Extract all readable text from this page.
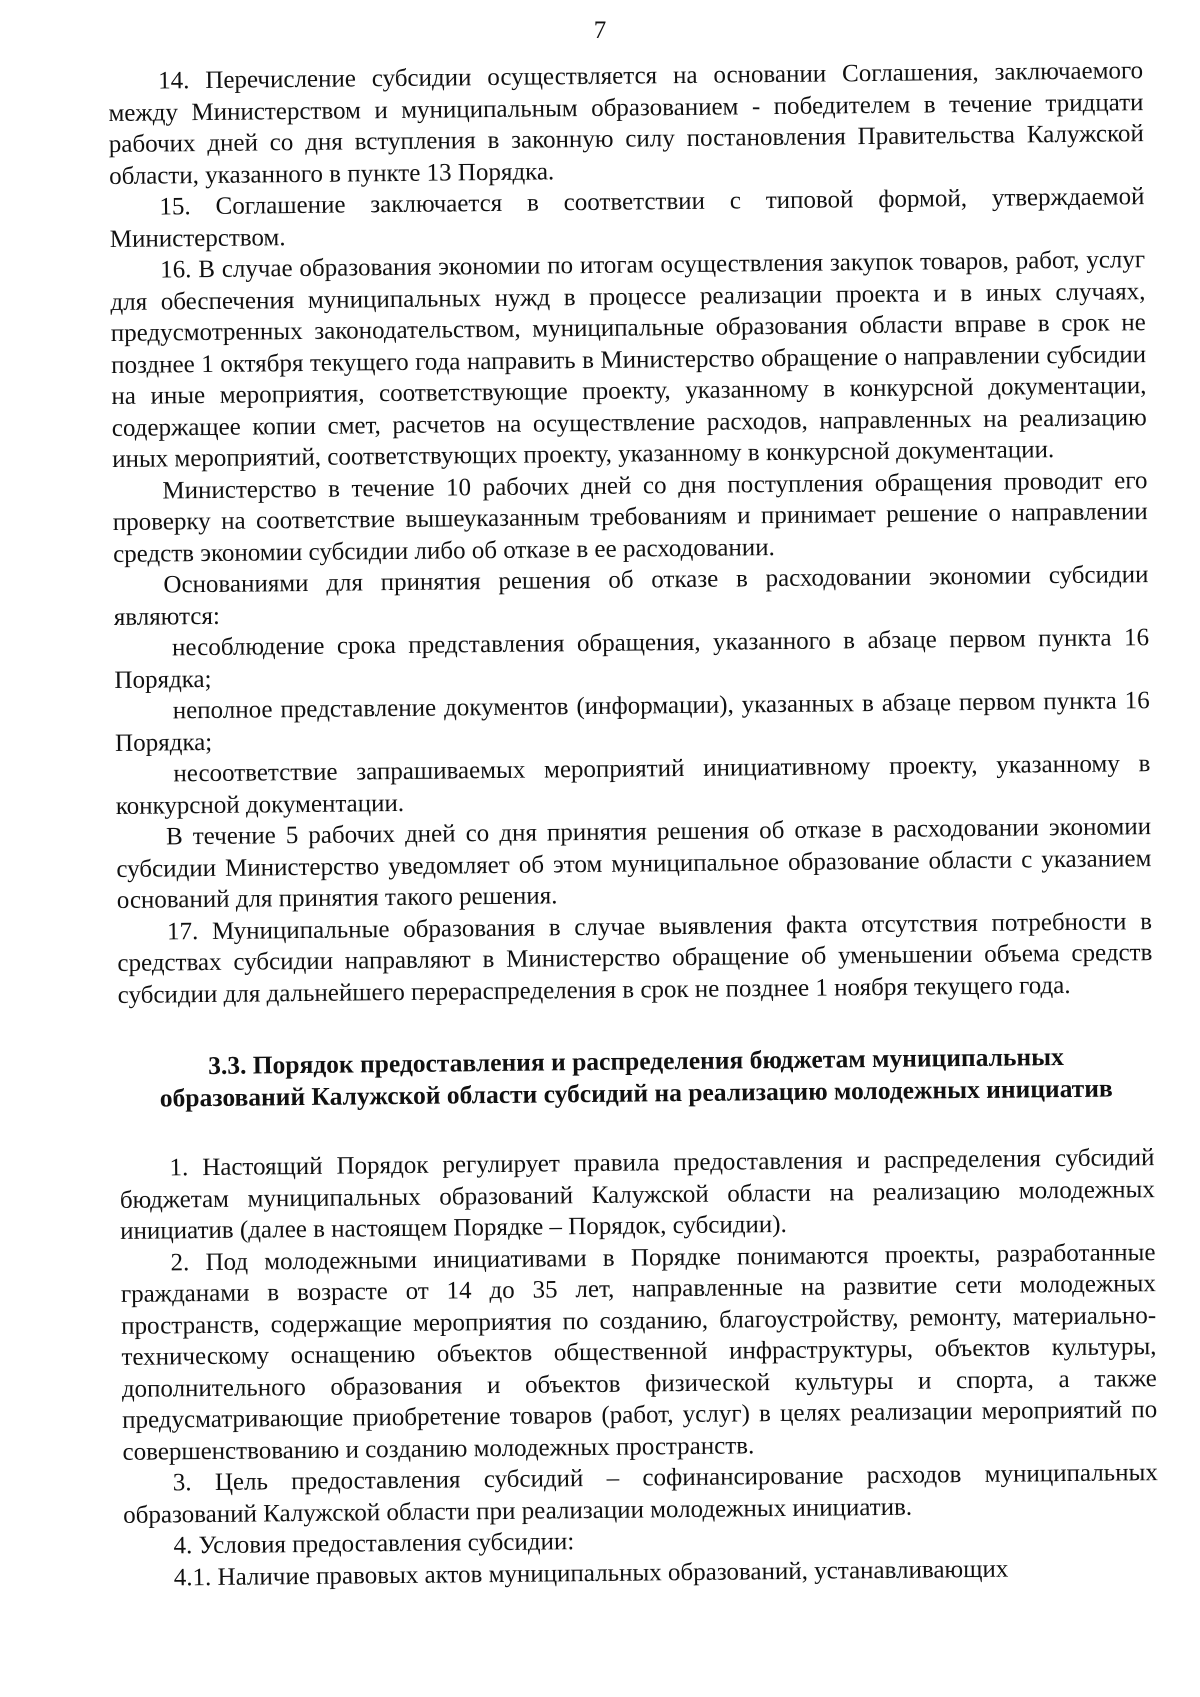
7

14. Перечисление субсидии осуществляется на основании Соглашения, заключаемого между Министерством и муниципальным образованием - победителем в течение тридцати рабочих дней со дня вступления в законную силу постановления Правительства Калужской области, указанного в пункте 13 Порядка.

15. Соглашение заключается в соответствии с типовой формой, утверждаемой Министерством.

16. В случае образования экономии по итогам осуществления закупок товаров, работ, услуг для обеспечения муниципальных нужд в процессе реализации проекта и в иных случаях, предусмотренных законодательством, муниципальные образования области вправе в срок не позднее 1 октября текущего года направить в Министерство обращение о направлении субсидии на иные мероприятия, соответствующие проекту, указанному в конкурсной документации, содержащее копии смет, расчетов на осуществление расходов, направленных на реализацию иных мероприятий, соответствующих проекту, указанному в конкурсной документации.

Министерство в течение 10 рабочих дней со дня поступления обращения проводит его проверку на соответствие вышеуказанным требованиям и принимает решение о направлении средств экономии субсидии либо об отказе в ее расходовании.

Основаниями для принятия решения об отказе в расходовании экономии субсидии являются:

несоблюдение срока представления обращения, указанного в абзаце первом пункта 16 Порядка;

неполное представление документов (информации), указанных в абзаце первом пункта 16 Порядка;

несоответствие запрашиваемых мероприятий инициативному проекту, указанному в конкурсной документации.

В течение 5 рабочих дней со дня принятия решения об отказе в расходовании экономии субсидии Министерство уведомляет об этом муниципальное образование области с указанием оснований для принятия такого решения.

17. Муниципальные образования в случае выявления факта отсутствия потребности в средствах субсидии направляют в Министерство обращение об уменьшении объема средств субсидии для дальнейшего перераспределения в срок не позднее 1 ноября текущего года.

3.3. Порядок предоставления и распределения бюджетам муниципальных образований Калужской области субсидий на реализацию молодежных инициатив

1. Настоящий Порядок регулирует правила предоставления и распределения субсидий бюджетам муниципальных образований Калужской области на реализацию молодежных инициатив (далее в настоящем Порядке – Порядок, субсидии).

2. Под молодежными инициативами в Порядке понимаются проекты, разработанные гражданами в возрасте от 14 до 35 лет, направленные на развитие сети молодежных пространств, содержащие мероприятия по созданию, благоустройству, ремонту, материально-техническому оснащению объектов общественной инфраструктуры, объектов культуры, дополнительного образования и объектов физической культуры и спорта, а также предусматривающие приобретение товаров (работ, услуг) в целях реализации мероприятий по совершенствованию и созданию молодежных пространств.

3. Цель предоставления субсидий – софинансирование расходов муниципальных образований Калужской области при реализации молодежных инициатив.

4. Условия предоставления субсидии:

4.1. Наличие правовых актов муниципальных образований, устанавливающих
